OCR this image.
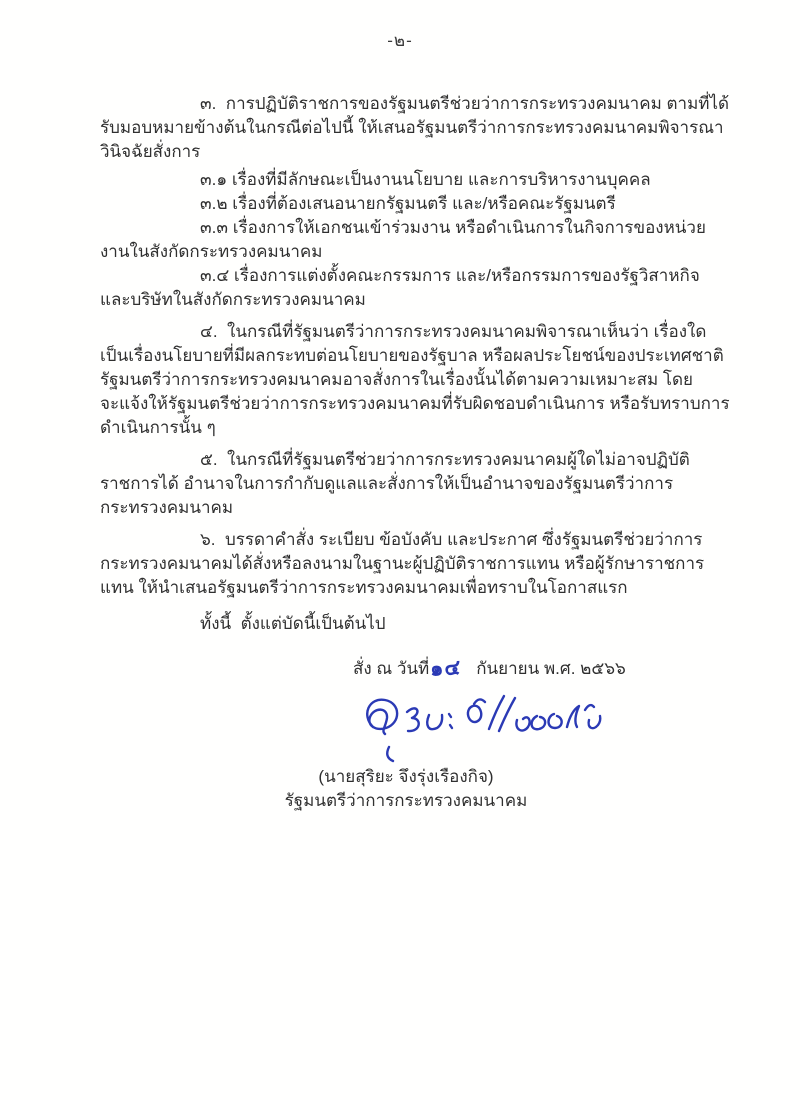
-๒-

๓.  การปฏิบัติราชการของรัฐมนตรีช่วยว่าการกระทรวงคมนาคม ตามที่ได้รับมอบหมายข้างต้นในกรณีต่อไปนี้ ให้เสนอรัฐมนตรีว่าการกระทรวงคมนาคมพิจารณาวินิจฉัยสั่งการ

๓.๑ เรื่องที่มีลักษณะเป็นงานนโยบาย และการบริหารงานบุคคล

๓.๒ เรื่องที่ต้องเสนอนายกรัฐมนตรี และ/หรือคณะรัฐมนตรี

๓.๓ เรื่องการให้เอกชนเข้าร่วมงาน หรือดำเนินการในกิจการของหน่วยงานในสังกัดกระทรวงคมนาคม

๓.๔ เรื่องการแต่งตั้งคณะกรรมการ และ/หรือกรรมการของรัฐวิสาหกิจ และบริษัทในสังกัดกระทรวงคมนาคม

๔.  ในกรณีที่รัฐมนตรีว่าการกระทรวงคมนาคมพิจารณาเห็นว่า เรื่องใดเป็นเรื่องนโยบายที่มีผลกระทบต่อนโยบายของรัฐบาล หรือผลประโยชน์ของประเทศชาติ รัฐมนตรีว่าการกระทรวงคมนาคมอาจสั่งการในเรื่องนั้นได้ตามความเหมาะสม โดยจะแจ้งให้รัฐมนตรีช่วยว่าการกระทรวงคมนาคมที่รับผิดชอบดำเนินการ หรือรับทราบการดำเนินการนั้น ๆ

๕.  ในกรณีที่รัฐมนตรีช่วยว่าการกระทรวงคมนาคมผู้ใดไม่อาจปฏิบัติราชการได้ อำนาจในการกำกับดูแลและสั่งการให้เป็นอำนาจของรัฐมนตรีว่าการกระทรวงคมนาคม

๖.  บรรดาคำสั่ง ระเบียบ ข้อบังคับ และประกาศ ซึ่งรัฐมนตรีช่วยว่าการกระทรวงคมนาคมได้สั่งหรือลงนามในฐานะผู้ปฏิบัติราชการแทน หรือผู้รักษาราชการแทน ให้นำเสนอรัฐมนตรีว่าการกระทรวงคมนาคมเพื่อทราบในโอกาสแรก

ทั้งนี้  ตั้งแต่บัดนี้เป็นต้นไป

สั่ง ณ วันที่๑๔ กันยายน พ.ศ. ๒๕๖๖

(นายสุริยะ จึงรุ่งเรืองกิจ)

รัฐมนตรีว่าการกระทรวงคมนาคม
